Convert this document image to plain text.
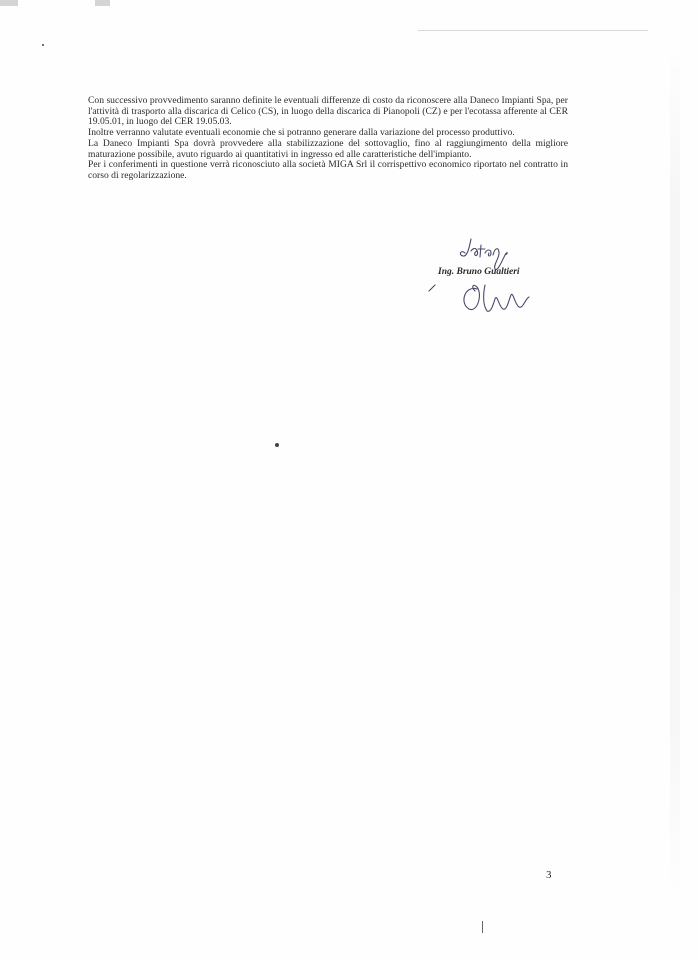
Con successivo provvedimento saranno definite le eventuali differenze di costo da riconoscere alla Daneco Impianti Spa, per l'attività di trasporto alla discarica di Celico (CS), in luogo della discarica di Pianopoli (CZ) e per l'ecotassa afferente al CER 19.05.01, in luogo del CER 19.05.03.

Inoltre verranno valutate eventuali economie che si potranno generare dalla variazione del processo produttivo.

La Daneco Impianti Spa dovrà provvedere alla stabilizzazione del sottovaglio, fino al raggiungimento della migliore maturazione possibile, avuto riguardo ai quantitativi in ingresso ed alle caratteristiche dell'impianto.

Per i conferimenti in questione verrà riconosciuto alla società MIGA Srl il corrispettivo economico riportato nel contratto in corso di regolarizzazione.

Ing. Bruno Gualtieri
3
